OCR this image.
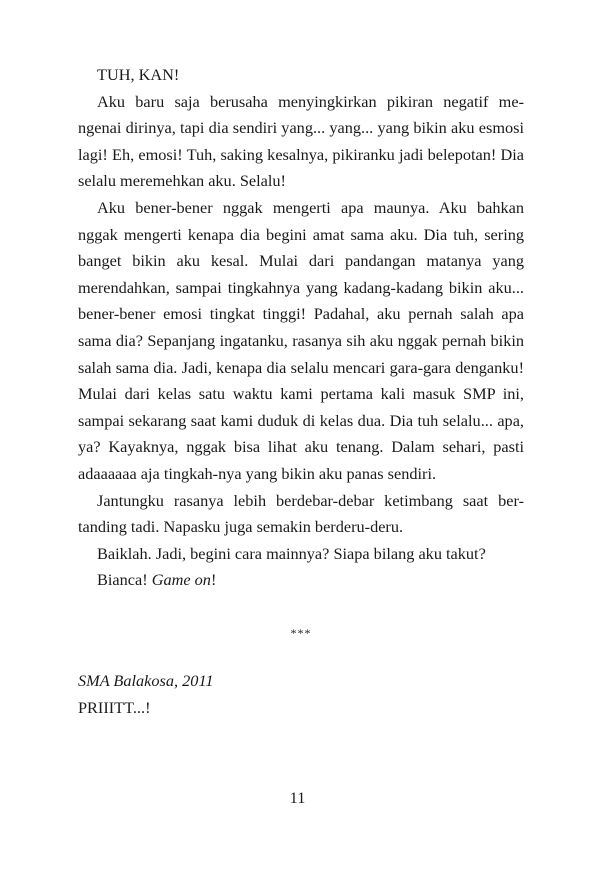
TUH, KAN!

Aku baru saja berusaha menyingkirkan pikiran negatif me-ngenai dirinya, tapi dia sendiri yang... yang... yang bikin aku esmosi lagi! Eh, emosi! Tuh, saking kesalnya, pikiranku jadi belepotan! Dia selalu meremehkan aku. Selalu!

Aku bener-bener nggak mengerti apa maunya. Aku bahkan nggak mengerti kenapa dia begini amat sama aku. Dia tuh, sering banget bikin aku kesal. Mulai dari pandangan matanya yang merendahkan, sampai tingkahnya yang kadang-kadang bikin aku... bener-bener emosi tingkat tinggi! Padahal, aku pernah salah apa sama dia? Sepanjang ingatanku, rasanya sih aku nggak pernah bikin salah sama dia. Jadi, kenapa dia selalu mencari gara-gara denganku! Mulai dari kelas satu waktu kami pertama kali masuk SMP ini, sampai sekarang saat kami duduk di kelas dua. Dia tuh selalu... apa, ya? Kayaknya, nggak bisa lihat aku tenang. Dalam sehari, pasti adaaaaaa aja tingkah-nya yang bikin aku panas sendiri.

Jantungku rasanya lebih berdebar-debar ketimbang saat ber-tanding tadi. Napasku juga semakin berderu-deru.

Baiklah. Jadi, begini cara mainnya? Siapa bilang aku takut?

Bianca! Game on!

***

SMA Balakosa, 2011

PRIIITT...!

11
